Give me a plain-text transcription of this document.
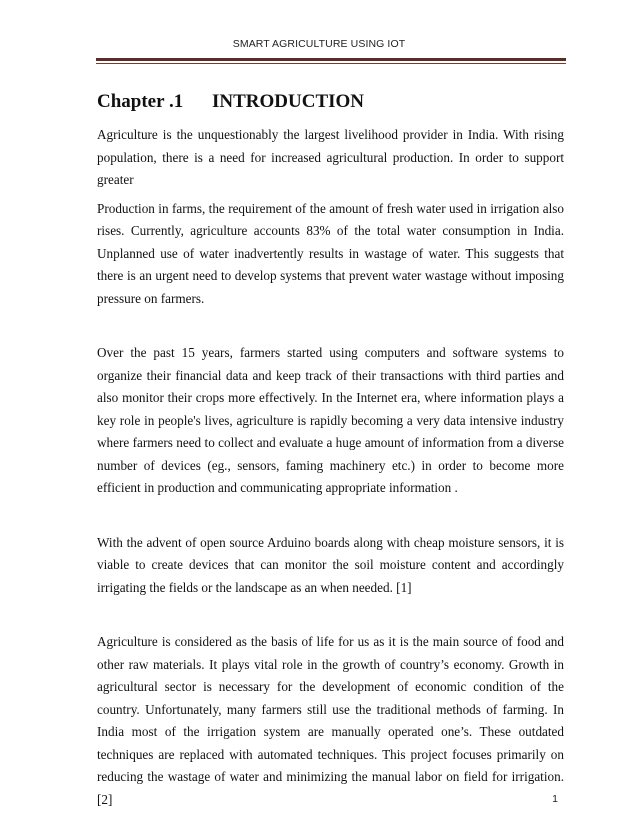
SMART AGRICULTURE USING IOT
Chapter .1 INTRODUCTION

Agriculture is the unquestionably the largest livelihood provider in India. With rising population, there is a need for increased agricultural production. In order to support greater

Production in farms, the requirement of the amount of fresh water used in irrigation also rises. Currently, agriculture accounts 83% of the total water consumption in India. Unplanned use of water inadvertently results in wastage of water. This suggests that there is an urgent need to develop systems that prevent water wastage without imposing pressure on farmers.

Over the past 15 years, farmers started using computers and software systems to organize their financial data and keep track of their transactions with third parties and also monitor their crops more effectively. In the Internet era, where information plays a key role in people's lives, agriculture is rapidly becoming a very data intensive industry where farmers need to collect and evaluate a huge amount of information from a diverse number of devices (eg., sensors, faming machinery etc.) in order to become more efficient in production and communicating appropriate information .

With the advent of open source Arduino boards along with cheap moisture sensors, it is viable to create devices that can monitor the soil moisture content and accordingly irrigating the fields or the landscape as an when needed. [1]

Agriculture is considered as the basis of life for us as it is the main source of food and other raw materials. It plays vital role in the growth of country’s economy. Growth in agricultural sector is necessary for the development of economic condition of the country. Unfortunately, many farmers still use the traditional methods of farming. In India most of the irrigation system are manually operated one’s. These outdated techniques are replaced with automated techniques. This project focuses primarily on reducing the wastage of water and minimizing the manual labor on field for irrigation. [2]	1
